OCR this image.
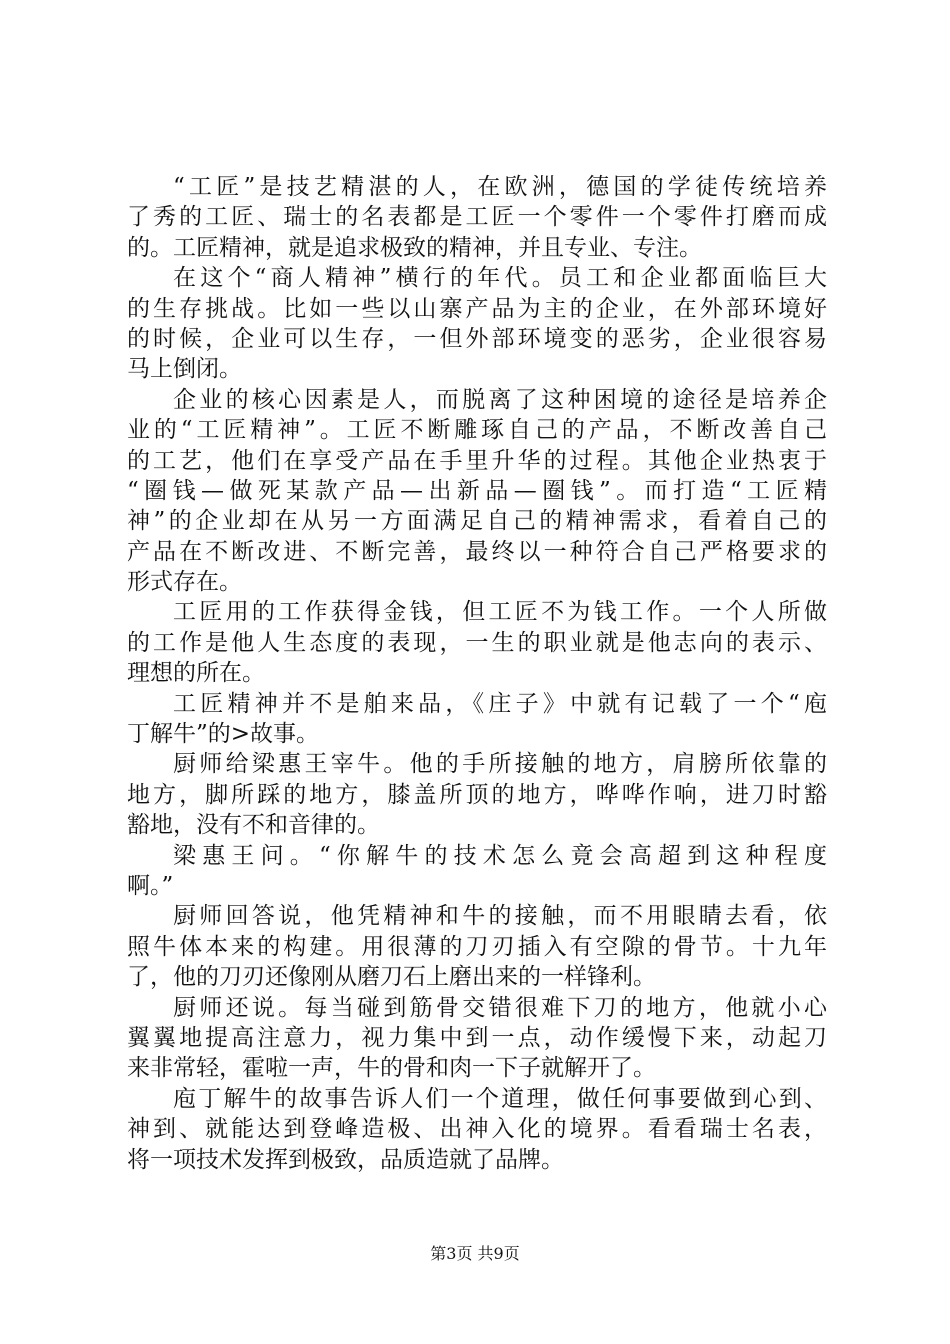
“工匠”是技艺精湛的人，在欧洲，德国的学徒传统培养
了秀的工匠、瑞士的名表都是工匠一个零件一个零件打磨而成
的。工匠精神，就是追求极致的精神，并且专业、专注。
在这个“商人精神”横行的年代。员工和企业都面临巨大
的生存挑战。比如一些以山寨产品为主的企业，在外部环境好
的时候，企业可以生存，一但外部环境变的恶劣，企业很容易
马上倒闭。
企业的核心因素是人，而脱离了这种困境的途径是培养企
业的“工匠精神”。工匠不断雕琢自己的产品，不断改善自己
的工艺，他们在享受产品在手里升华的过程。其他企业热衷于
“圈钱—做死某款产品—出新品—圈钱”。而打造“工匠精
神”的企业却在从另一方面满足自己的精神需求，看着自己的
产品在不断改进、不断完善，最终以一种符合自己严格要求的
形式存在。
工匠用的工作获得金钱，但工匠不为钱工作。一个人所做
的工作是他人生态度的表现，一生的职业就是他志向的表示、
理想的所在。
工匠精神并不是舶来品，《庄子》中就有记载了一个“庖
丁解牛”的>故事。
厨师给梁惠王宰牛。他的手所接触的地方，肩膀所依靠的
地方，脚所踩的地方，膝盖所顶的地方，哗哗作响，进刀时豁
豁地，没有不和音律的。
梁惠王问。“你解牛的技术怎么竟会高超到这种程度
啊。”
厨师回答说，他凭精神和牛的接触，而不用眼睛去看，依
照牛体本来的构建。用很薄的刀刃插入有空隙的骨节。十九年
了，他的刀刃还像刚从磨刀石上磨出来的一样锋利。
厨师还说。每当碰到筋骨交错很难下刀的地方，他就小心
翼翼地提高注意力，视力集中到一点，动作缓慢下来，动起刀
来非常轻，霍啦一声，牛的骨和肉一下子就解开了。
庖丁解牛的故事告诉人们一个道理，做任何事要做到心到、
神到、就能达到登峰造极、出神入化的境界。看看瑞士名表，
将一项技术发挥到极致，品质造就了品牌。
第3页 共9页
